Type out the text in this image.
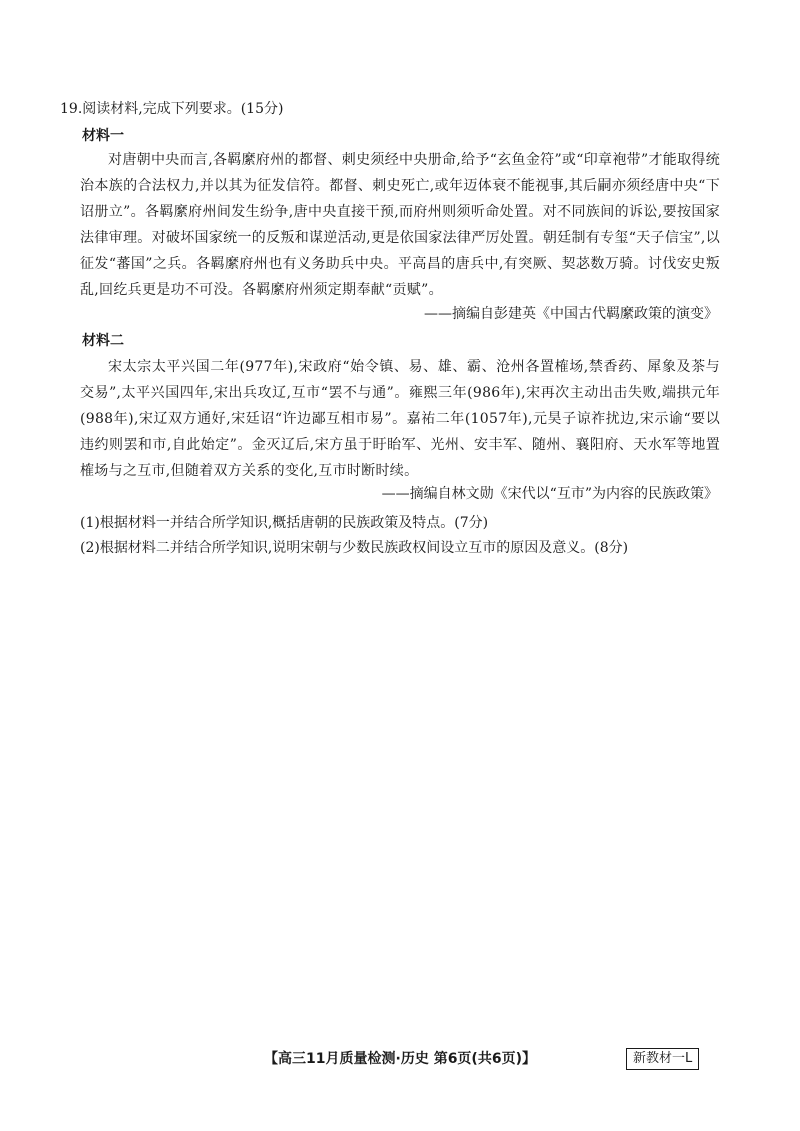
19.阅读材料,完成下列要求。(15分)
材料一
对唐朝中央而言,各羁縻府州的都督、刺史须经中央册命,给予“玄鱼金符”或“印章袍带”才能取得统治本族的合法权力,并以其为征发信符。都督、刺史死亡,或年迈体衰不能视事,其后嗣亦须经唐中央“下诏册立”。各羁縻府州间发生纷争,唐中央直接干预,而府州则须听命处置。对不同族间的诉讼,要按国家法律审理。对破坏国家统一的反叛和谋逆活动,更是依国家法律严厉处置。朝廷制有专玺“天子信宝”,以征发“蕃国”之兵。各羁縻府州也有义务助兵中央。平高昌的唐兵中,有突厥、契苾数万骑。讨伐安史叛乱,回纥兵更是功不可没。各羁縻府州须定期奉献“贡赋”。
——摘编自彭建英《中国古代羁縻政策的演变》
材料二
宋太宗太平兴国二年(977年),宋政府“始令镇、易、雄、霸、沧州各置榷场,禁香药、犀象及茶与交易”,太平兴国四年,宋出兵攻辽,互市“罢不与通”。雍熙三年(986年),宋再次主动出击失败,端拱元年(988年),宋辽双方通好,宋廷诏“许边鄙互相市易”。嘉祐二年(1057年),元昊子谅祚扰边,宋示谕“要以违约则罢和市,自此始定”。金灭辽后,宋方虽于盱眙军、光州、安丰军、随州、襄阳府、天水军等地置榷场与之互市,但随着双方关系的变化,互市时断时续。
——摘编自林文勋《宋代以“互市”为内容的民族政策》
(1)根据材料一并结合所学知识,概括唐朝的民族政策及特点。(7分)
(2)根据材料二并结合所学知识,说明宋朝与少数民族政权间设立互市的原因及意义。(8分)
【高三11月质量检测·历史 第6页(共6页)】	新教材一L
